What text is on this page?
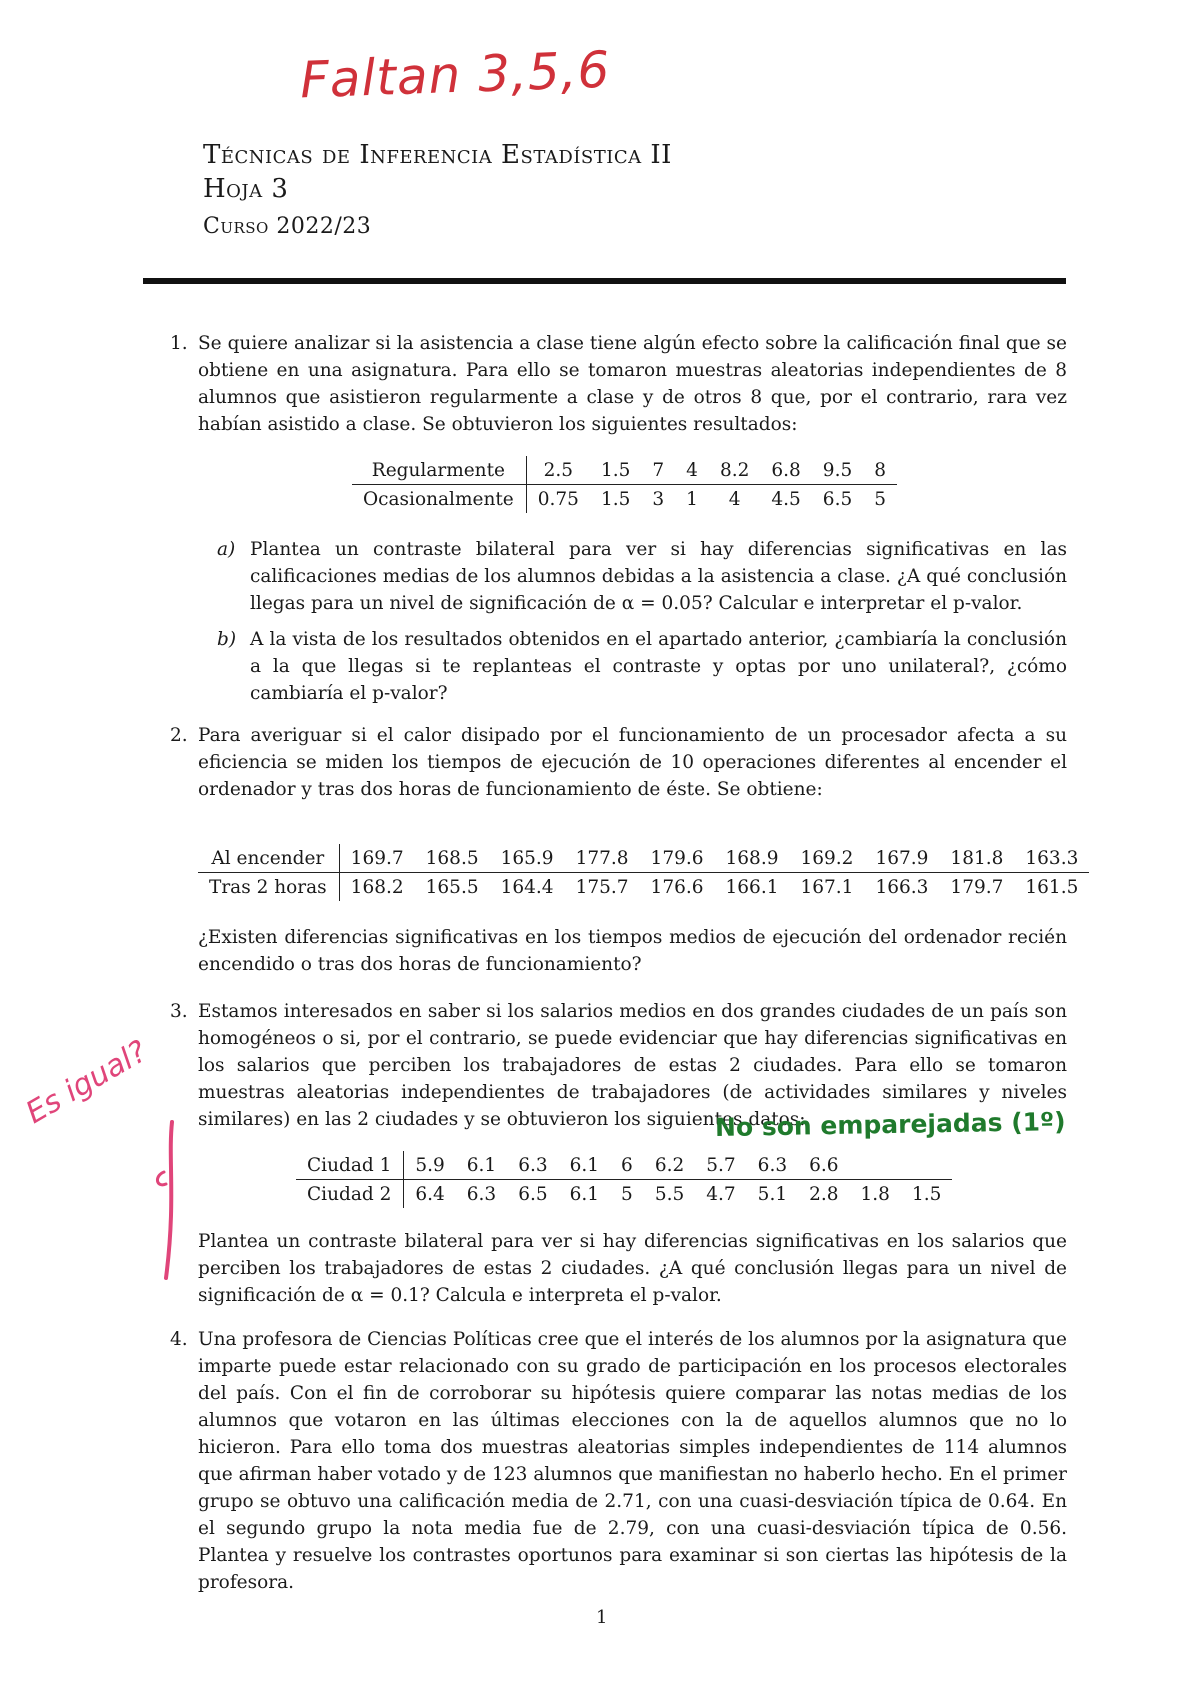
Faltan 3,5,6
Técnicas de Inferencia Estadística II
Hoja 3
Curso 2022/23
1. Se quiere analizar si la asistencia a clase tiene algún efecto sobre la calificación final que se obtiene en una asignatura. Para ello se tomaron muestras aleatorias independientes de 8 alumnos que asistieron regularmente a clase y de otros 8 que, por el contrario, rara vez habían asistido a clase. Se obtuvieron los siguientes resultados:
Regularmente	2.5	1.5	7	4	8.2	6.8	9.5	8
Ocasionalmente	0.75	1.5	3	1	4	4.5	6.5	5
a) Plantea un contraste bilateral para ver si hay diferencias significativas en las calificaciones medias de los alumnos debidas a la asistencia a clase. ¿A qué conclusión llegas para un nivel de significación de α = 0.05? Calcular e interpretar el p-valor.
b) A la vista de los resultados obtenidos en el apartado anterior, ¿cambiaría la conclusión a la que llegas si te replanteas el contraste y optas por uno unilateral?, ¿cómo cambiaría el p-valor?
2. Para averiguar si el calor disipado por el funcionamiento de un procesador afecta a su eficiencia se miden los tiempos de ejecución de 10 operaciones diferentes al encender el ordenador y tras dos horas de funcionamiento de éste. Se obtiene:
Al encender	169.7	168.5	165.9	177.8	179.6	168.9	169.2	167.9	181.8	163.3
Tras 2 horas	168.2	165.5	164.4	175.7	176.6	166.1	167.1	166.3	179.7	161.5
¿Existen diferencias significativas en los tiempos medios de ejecución del ordenador recién encendido o tras dos horas de funcionamiento?
3. Estamos interesados en saber si los salarios medios en dos grandes ciudades de un país son homogéneos o si, por el contrario, se puede evidenciar que hay diferencias significativas en los salarios que perciben los trabajadores de estas 2 ciudades. Para ello se tomaron muestras aleatorias independientes de trabajadores (de actividades similares y niveles similares) en las 2 ciudades y se obtuvieron los siguientes datos:
No son emparejadas (1º)
Ciudad 1	5.9	6.1	6.3	6.1	6	6.2	5.7	6.3	6.6		
Ciudad 2	6.4	6.3	6.5	6.1	5	5.5	4.7	5.1	2.8	1.8	1.5
Plantea un contraste bilateral para ver si hay diferencias significativas en los salarios que perciben los trabajadores de estas 2 ciudades. ¿A qué conclusión llegas para un nivel de significación de α = 0.1? Calcula e interpreta el p-valor.
Es igual?
4. Una profesora de Ciencias Políticas cree que el interés de los alumnos por la asignatura que imparte puede estar relacionado con su grado de participación en los procesos electorales del país. Con el fin de corroborar su hipótesis quiere comparar las notas medias de los alumnos que votaron en las últimas elecciones con la de aquellos alumnos que no lo hicieron. Para ello toma dos muestras aleatorias simples independientes de 114 alumnos que afirman haber votado y de 123 alumnos que manifiestan no haberlo hecho. En el primer grupo se obtuvo una calificación media de 2.71, con una cuasi-desviación típica de 0.64. En el segundo grupo la nota media fue de 2.79, con una cuasi-desviación típica de 0.56. Plantea y resuelve los contrastes oportunos para examinar si son ciertas las hipótesis de la profesora.
1
